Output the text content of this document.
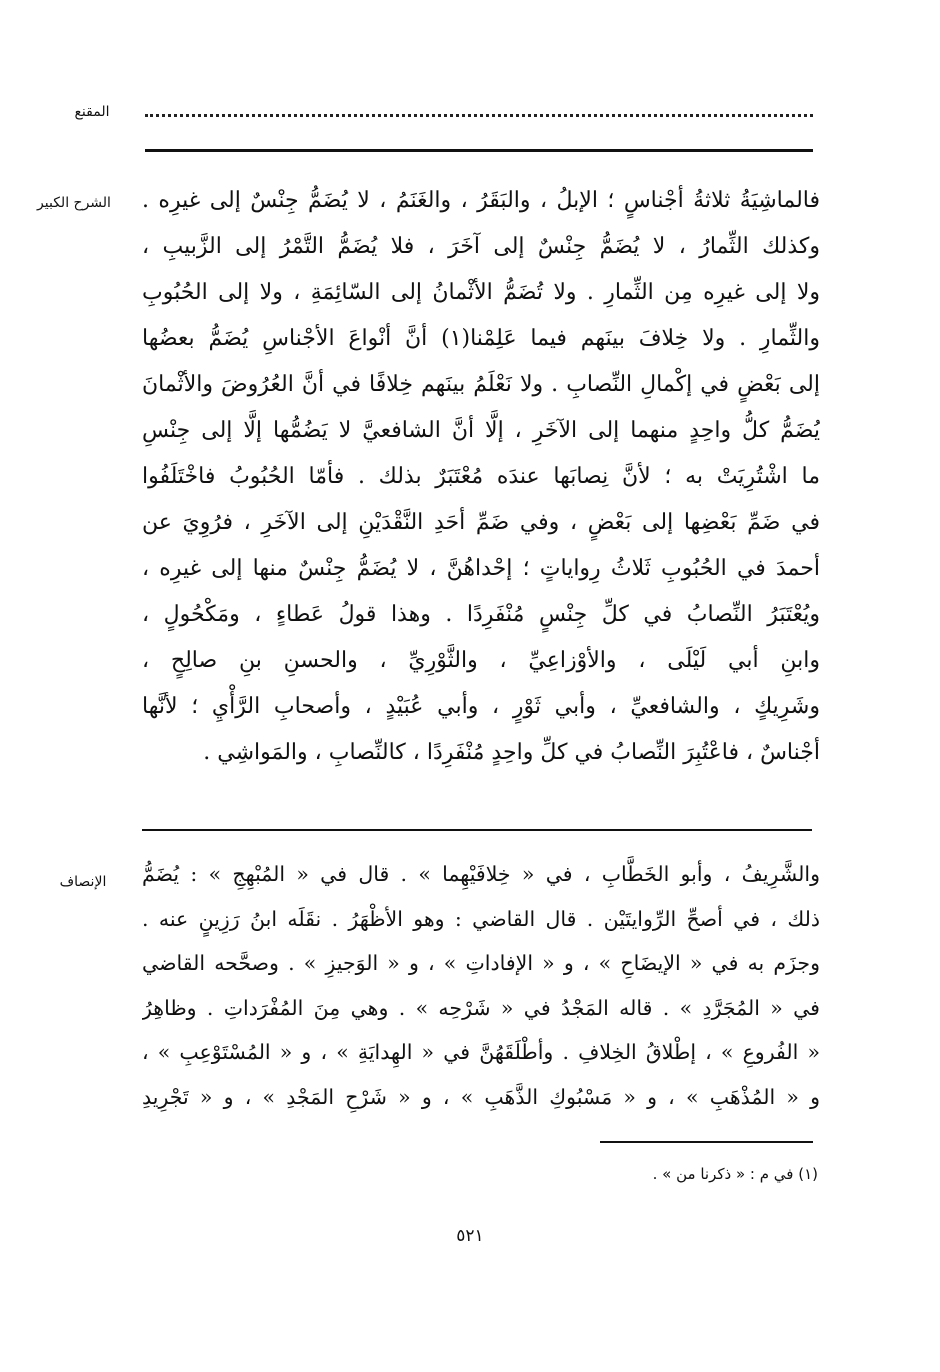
المقنع
الشرح الكبير	فالماشِيَةُ ثلاثةُ أجْناسٍ ؛ الإبلُ ، والبَقَرُ ، والغَنَمُ ، لا يُضَمُّ جِنْسٌ إلى غيرِه .
وكذلك الثِّمارُ ، لا يُضَمُّ جِنْسٌ إلى آخَرَ ، فلا يُضَمُّ التَّمْرُ إلى الزَّبيبِ ،
ولا إلى غيرِه مِن الثِّمارِ . ولا تُضَمُّ الأثْمانُ إلى السّائِمَةِ ، ولا إلى الحُبُوبِ
والثِّمارِ . ولا خِلافَ بينَهم فيما عَلِمْنا(١) أنَّ أنْواعَ الأجْناسِ يُضَمُّ بعضُها
إلى بَعْضٍ في إكْمالِ النِّصابِ . ولا نَعْلَمُ بينَهم خِلافًا في أنَّ العُرُوضَ والأثْمانَ
يُضَمُّ كلُّ واحِدٍ منهما إلى الآخَرِ ، إلَّا أنَّ الشافعيَّ لا يَضُمُّها إلَّا إلى جِنْسِ
ما اشْتُرِيَتْ به ؛ لأنَّ نِصابَها عندَه مُعْتَبَرٌ بذلك . فأمّا الحُبُوبُ فاخْتَلَفُوا
في ضَمِّ بَعْضِها إلى بَعْضٍ ، وفي ضَمِّ أحَدِ النَّقْدَيْنِ إلى الآخَرِ ، فرُوِيَ عن
أحمدَ في الحُبُوبِ ثَلاثُ رِواياتٍ ؛ إحْداهُنَّ ، لا يُضَمُّ جِنْسٌ منها إلى غيرِه ،
ويُعْتَبَرُ النِّصابُ في كلِّ جِنْسٍ مُنْفَرِدًا . وهذا قولُ عَطاءٍ ، ومَكْحُولٍ ،
وابنِ أبي لَيْلَى ، والأوْزاعِيِّ ، والثَّوْرِيِّ ، والحسنِ بنِ صالِحٍ ،
وشَرِيكٍ ، والشافعيِّ ، وأبي ثَوْرٍ ، وأبي عُبَيْدٍ ، وأصحابِ الرَّأْيِ ؛ لأنَّها
أجْناسٌ ، فاعْتُبِرَ النِّصابُ في كلِّ واحِدٍ مُنْفَرِدًا ، كالنِّصابِ ، والمَواشِي .
الإنصاف	والشَّرِيفُ ، وأبو الخَطَّابِ ، في « خِلافَيْهِما » . قال في « المُبْهِجِ » : يُضَمُّ
ذلك ، في أصحِّ الرِّوايتَيْن . قال القاضي : وهو الأظْهَرُ . نقَلَه ابنُ رَزِينٍ عنه .
وجزَم به في « الإيضَاحِ » ، و « الإفاداتِ » ، و « الوَجيزِ » . وصحَّحه القاضي
في « المُجَرَّدِ » . قاله المَجْدُ في « شَرْحِه » . وهي مِنَ المُفْرَداتِ . وظاهِرُ
« الفُروعِ » ، إطْلاقُ الخِلافِ . وأطْلَقَهُنَّ في « الهِدايَةِ » ، و « المُسْتَوْعِبِ » ،
و « المُذْهَبِ » ، و « مَسْبُوكِ الذَّهَبِ » ، و « شَرْحِ المَجْدِ » ، و « تَجْرِيدِ
(١) في م : « ذكرنا من » .
٥٢١
